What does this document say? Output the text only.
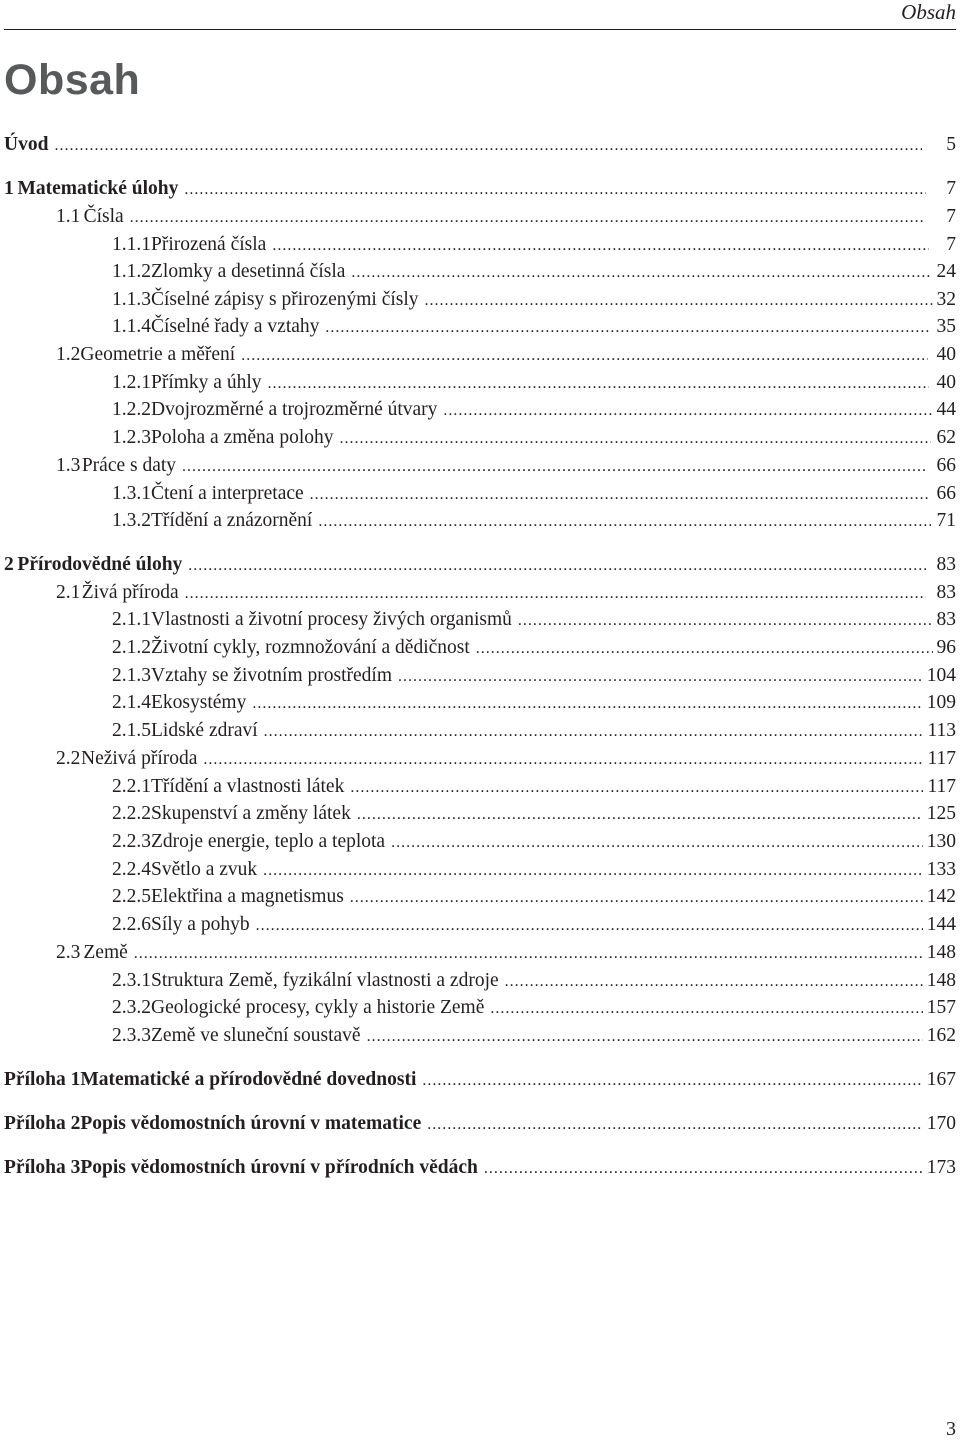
Obsah
Obsah
Úvod .....	5
1 Matematické úlohy .....	7
1.1 Čísla .....	7
1.1.1 Přirozená čísla .....	7
1.1.2 Zlomky a desetinná čísla .....	24
1.1.3 Číselné zápisy s přirozenými čísly .....	32
1.1.4 Číselné řady a vztahy .....	35
1.2 Geometrie a měření .....	40
1.2.1 Přímky a úhly .....	40
1.2.2 Dvojrozměrné a trojrozměrné útvary .....	44
1.2.3 Poloha a změna polohy .....	62
1.3 Práce s daty .....	66
1.3.1 Čtení a interpretace .....	66
1.3.2 Třídění a znázornění .....	71
2 Přírodovědné úlohy .....	83
2.1 Živá příroda .....	83
2.1.1 Vlastnosti a životní procesy živých organismů .....	83
2.1.2 Životní cykly, rozmnožování a dědičnost .....	96
2.1.3 Vztahy se životním prostředím .....	104
2.1.4 Ekosystémy .....	109
2.1.5 Lidské zdraví .....	113
2.2 Neživá příroda .....	117
2.2.1 Třídění a vlastnosti látek .....	117
2.2.2 Skupenství a změny látek .....	125
2.2.3 Zdroje energie, teplo a teplota .....	130
2.2.4 Světlo a zvuk .....	133
2.2.5 Elektřina a magnetismus .....	142
2.2.6 Síly a pohyb .....	144
2.3 Země .....	148
2.3.1 Struktura Země, fyzikální vlastnosti a zdroje .....	148
2.3.2 Geologické procesy, cykly a historie Země .....	157
2.3.3 Země ve sluneční soustavě .....	162
Příloha 1 Matematické a přírodovědné dovednosti .....	167
Příloha 2 Popis vědomostních úrovní v matematice .....	170
Příloha 3 Popis vědomostních úrovní v přírodních vědách .....	173
3
